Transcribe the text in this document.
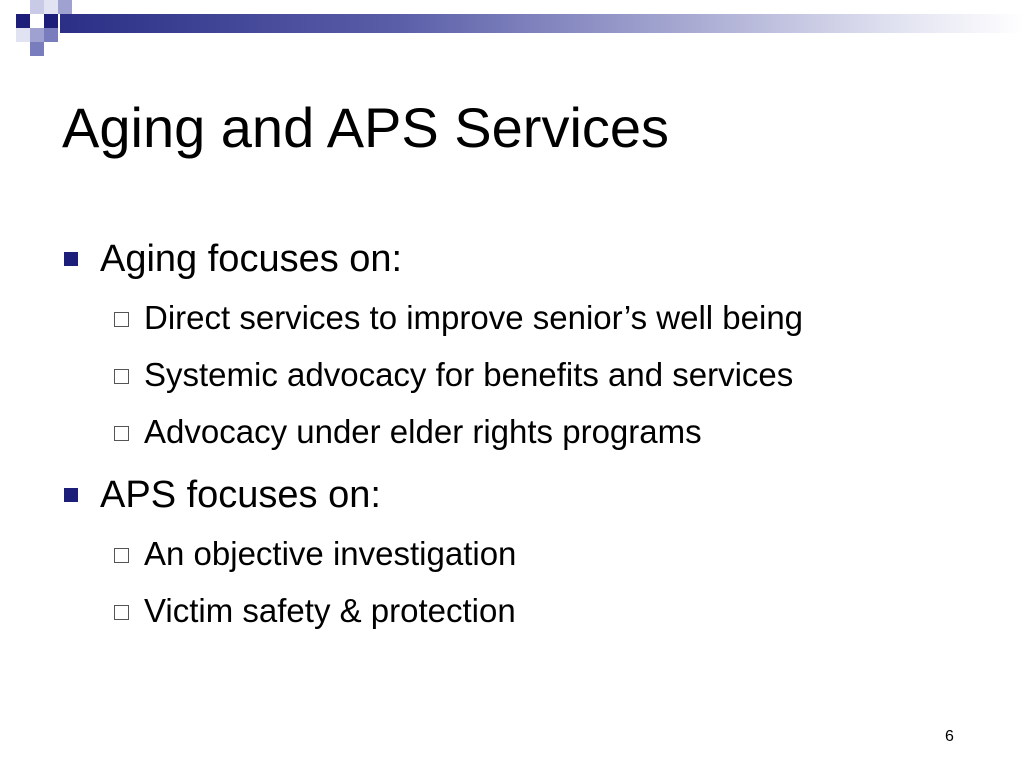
Aging and APS Services
Aging focuses on:
Direct services to improve senior’s well being
Systemic advocacy for benefits and services
Advocacy under elder rights programs
APS focuses on:
An objective investigation
Victim safety & protection
6
